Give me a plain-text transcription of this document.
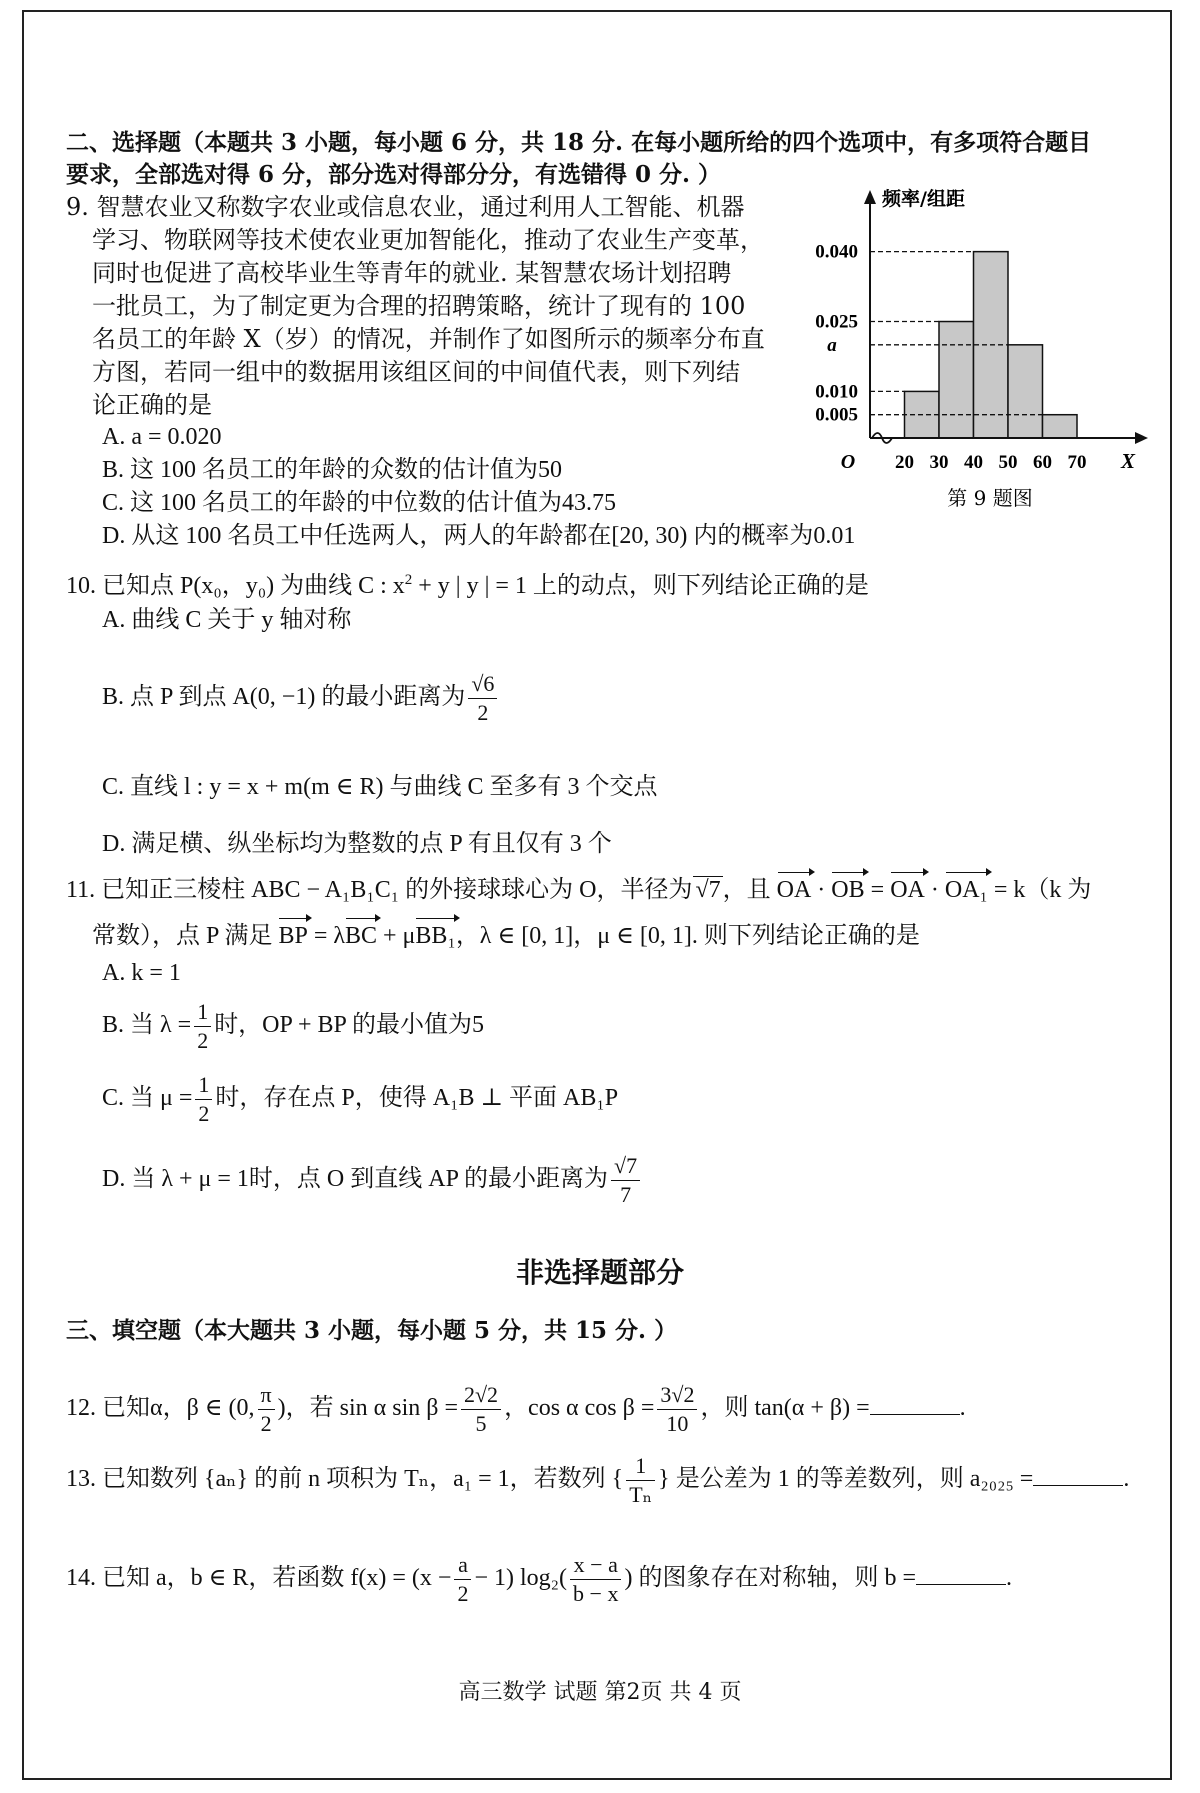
二、选择题（本题共 3 小题，每小题 6 分，共 18 分. 在每小题所给的四个选项中，有多项符合题目
要求，全部选对得 6 分，部分选对得部分分，有选错得 0 分. ）
9. 智慧农业又称数字农业或信息农业，通过利用人工智能、机器
学习、物联网等技术使农业更加智能化，推动了农业生产变革，
同时也促进了高校毕业生等青年的就业. 某智慧农场计划招聘
一批员工，为了制定更为合理的招聘策略，统计了现有的 100
名员工的年龄 X（岁）的情况，并制作了如图所示的频率分布直
方图，若同一组中的数据用该组区间的中间值代表，则下列结
论正确的是
A. a = 0.020
B. 这 100 名员工的年龄的众数的估计值为50
C. 这 100 名员工的年龄的中位数的估计值为43.75
D. 从这 100 名员工中任选两人，两人的年龄都在[20, 30) 内的概率为0.01
0.040
0.025
a
0.010
0.005
20 30 40 50 60 70
O	X
频率/组距
第 9 题图
10. 已知点 P(x₀，y₀) 为曲线 C : $x^2 + y$ | y | = 1 上的动点，则下列结论正确的是
A. 曲线 C 关于 y 轴对称
B. 点 P 到点 A(0, −1) 的最小距离为 $\frac{√6}{2}$
C. 直线 l : y = x + m(m ∈ R) 与曲线 C 至多有 3 个交点
D. 满足横、纵坐标均为整数的点 P 有且仅有 3 个
11. 已知正三棱柱 ABC − A₁B₁C₁ 的外接球球心为 O，半径为 √7，且 OA · OB = OA · OA₁ = k（k 为
常数），点 P 满足 BP = λBC + μBB₁，λ ∈ [0, 1]，μ ∈ [0, 1]. 则下列结论正确的是
A. k = 1
B. 当 $\lambda = \frac{1}{2}$ 时，OP + BP 的最小值为5
C. 当 $\mu = \frac{1}{2}$ 时，存在点 P，使得 A₁B ⊥ 平面 AB₁P
D. 当 λ + μ = 1时，点 O 到直线 AP 的最小距离为 $\frac{√7}{7}$
非选择题部分
三、填空题（本大题共 3 小题，每小题 5 分，共 15 分. ）
12. 已知α，β ∈ (0, $\frac{\pi}{2}$ )，若 sin α $\sin \beta = \frac{2√2}{5}$ ，cos α $\cos \beta = \frac{3√2}{10}$ ，则 tan(α + β) =	.
13. 已知数列 {aₙ} 的前 n 项积为 Tₙ，a₁ = 1，若数列 { $\frac{1}{\text{Tₙ}}$ } 是公差为 1 的等差数列，则 a₂₀₂₅ =	.
14. 已知 a，b ∈ R，若函数 $f(x) = (x - \frac{a}{2} - 1)$ $\log_2( \frac{x - a}{b - x}$ ) 的图象存在对称轴，则 b =	.
高三数学 试题 第2页 共 4 页
